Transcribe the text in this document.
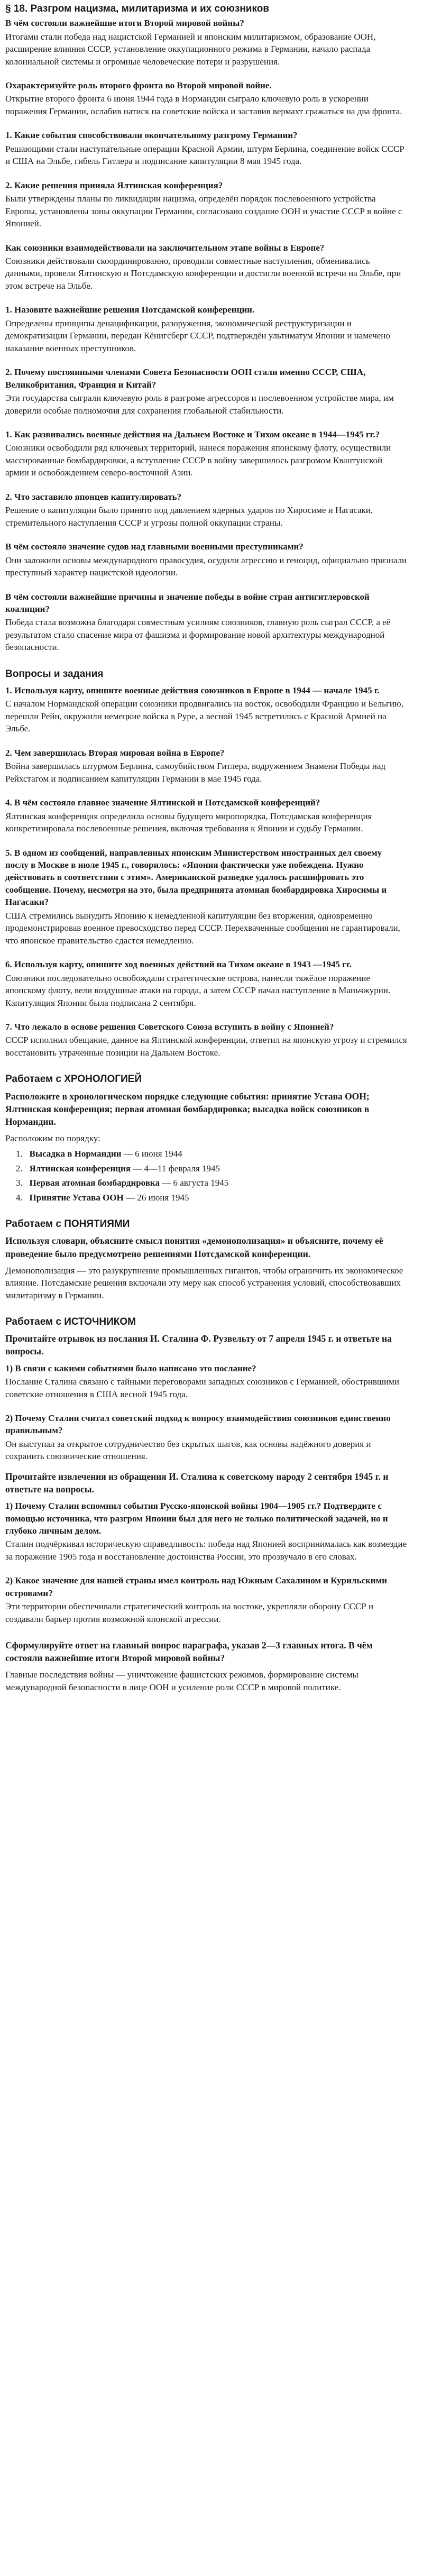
§ 18. Разгром нацизма, милитаризма и их союзников

В чём состояли важнейшие итоги Второй мировой войны?

Итогами стали победа над нацистской Германией и японским милитаризмом, образование ООН, расширение влияния СССР, установление оккупационного режима в Германии, начало распада колониальной системы и огромные человеческие потери и разрушения.

Охарактеризуйте роль второго фронта во Второй мировой войне.

Открытие второго фронта 6 июня 1944 года в Нормандии сыграло ключевую роль в ускорении поражения Германии, ослабив натиск на советские войска и заставив вермахт сражаться на два фронта.

1. Какие события способствовали окончательному разгрому Германии?

Решающими стали наступательные операции Красной Армии, штурм Берлина, соединение войск СССР и США на Эльбе, гибель Гитлера и подписание капитуляции 8 мая 1945 года.

2. Какие решения приняла Ялтинская конференция?

Были утверждены планы по ликвидации нацизма, определён порядок послевоенного устройства Европы, установлены зоны оккупации Германии, согласовано создание ООН и участие СССР в войне с Японией.

Как союзники взаимодействовали на заключительном этапе войны в Европе?

Союзники действовали скоординированно, проводили совместные наступления, обменивались данными, провели Ялтинскую и Потсдамскую конференции и достигли военной встречи на Эльбе, при этом встрече на Эльбе.

1. Назовите важнейшие решения Потсдамской конференции.

Определены принципы денацификации, разоружения, экономической реструктуризации и демократизации Германии, передан Кёнигсберг СССР, подтверждён ультиматум Японии и намечено наказание военных преступников.

2. Почему постоянными членами Совета Безопасности ООН стали именно СССР, США, Великобритания, Франция и Китай?

Эти государства сыграли ключевую роль в разгроме агрессоров и послевоенном устройстве мира, им доверили особые полномочия для сохранения глобальной стабильности.

1. Как развивались военные действия на Дальнем Востоке и Тихом океане в 1944—1945 гг.?

Союзники освободили ряд ключевых территорий, нанеся поражения японскому флоту, осуществили массированные бомбардировки, а вступление СССР в войну завершилось разгромом Квантунской армии и освобождением северо-восточной Азии.

2. Что заставило японцев капитулировать?

Решение о капитуляции было принято под давлением ядерных ударов по Хиросиме и Нагасаки, стремительного наступления СССР и угрозы полной оккупации страны.

В чём состояло значение судов над главными военными преступниками?

Они заложили основы международного правосудия, осудили агрессию и геноцид, официально признали преступный характер нацистской идеологии.

В чём состояли важнейшие причины и значение победы в войне стран антигитлеровской коалиции?

Победа стала возможна благодаря совместным усилиям союзников, главную роль сыграл СССР, а её результатом стало спасение мира от фашизма и формирование новой архитектуры международной безопасности.

Вопросы и задания

1. Используя карту, опишите военные действия союзников в Европе в 1944 — начале 1945 г.

С началом Нормандской операции союзники продвигались на восток, освободили Францию и Бельгию, перешли Рейн, окружили немецкие войска в Руре, а весной 1945 встретились с Красной Армией на Эльбе.

2. Чем завершилась Вторая мировая война в Европе?

Война завершилась штурмом Берлина, самоубийством Гитлера, водружением Знамени Победы над Рейхстагом и подписанием капитуляции Германии в мае 1945 года.

4. В чём состояло главное значение Ялтинской и Потсдамской конференций?

Ялтинская конференция определила основы будущего миропорядка, Потсдамская конференция конкретизировала послевоенные решения, включая требования к Японии и судьбу Германии.

5. В одном из сообщений, направленных японским Министерством иностранных дел своему послу в Москве в июле 1945 г., говорилось: «Япония фактически уже побеждена. Нужно действовать в соответствии с этим». Американской разведке удалось расшифровать это сообщение. Почему, несмотря на это, была предпринята атомная бомбардировка Хиросимы и Нагасаки?

США стремились вынудить Японию к немедленной капитуляции без вторжения, одновременно продемонстрировав военное превосходство перед СССР. Перехваченные сообщения не гарантировали, что японское правительство сдастся немедленно.

6. Используя карту, опишите ход военных действий на Тихом океане в 1943 —1945 гг.

Союзники последовательно освобождали стратегические острова, нанесли тяжёлое поражение японскому флоту, вели воздушные атаки на города, а затем СССР начал наступление в Маньчжурии. Капитуляция Японии была подписана 2 сентября.

7. Что лежало в основе решения Советского Союза вступить в войну с Японией?

СССР исполнил обещание, данное на Ялтинской конференции, ответил на японскую угрозу и стремился восстановить утраченные позиции на Дальнем Востоке.

Работаем с ХРОНОЛОГИЕЙ

Расположите в хронологическом порядке следующие события: принятие Устава ООН; Ялтинская конференция; первая атомная бомбардировка; высадка войск союзников в Нормандии.

Расположим по порядку:

1. Высадка в Нормандии — 6 июня 1944
2. Ялтинская конференция — 4—11 февраля 1945
3. Первая атомная бомбардировка — 6 августа 1945
4. Принятие Устава ООН — 26 июня 1945
Работаем с ПОНЯТИЯМИ

Используя словари, объясните смысл понятия «демонополизация» и объясните, почему её проведение было предусмотрено решениями Потсдамской конференции.

Демонополизация — это разукрупнение промышленных гигантов, чтобы ограничить их экономическое влияние. Потсдамские решения включали эту меру как способ устранения условий, способствовавших милитаризму в Германии.

Работаем с ИСТОЧНИКОМ

Прочитайте отрывок из послания И. Сталина Ф. Рузвельту от 7 апреля 1945 г. и ответьте на вопросы.

1) В связи с какими событиями было написано это послание?

Послание Сталина связано с тайными переговорами западных союзников с Германией, обострившими советские отношения в США весной 1945 года.

2) Почему Сталин считал советский подход к вопросу взаимодействия союзников единственно правильным?

Он выступал за открытое сотрудничество без скрытых шагов, как основы надёжного доверия и сохранить союзнические отношения.

Прочитайте извлечения из обращения И. Сталина к советскому народу 2 сентября 1945 г. и ответьте на вопросы.

1) Почему Сталин вспомнил события Русско-японской войны 1904—1905 гг.? Подтвердите с помощью источника, что разгром Японии был для него не только политической задачей, но и глубоко личным делом.

Сталин подчёркивал историческую справедливость: победа над Японией воспринималась как возмездие за поражение 1905 года и восстановление достоинства России, это прозвучало в его словах.

2) Какое значение для нашей страны имел контроль над Южным Сахалином и Курильскими островами?

Эти территории обеспечивали стратегический контроль на востоке, укрепляли оборону СССР и создавали барьер против возможной японской агрессии.

Сформулируйте ответ на главный вопрос параграфа, указав 2—3 главных итога. В чём состояли важнейшие итоги Второй мировой войны?

Главные последствия войны — уничтожение фашистских режимов, формирование системы международной безопасности в лице ООН и усиление роли СССР в мировой политике.
